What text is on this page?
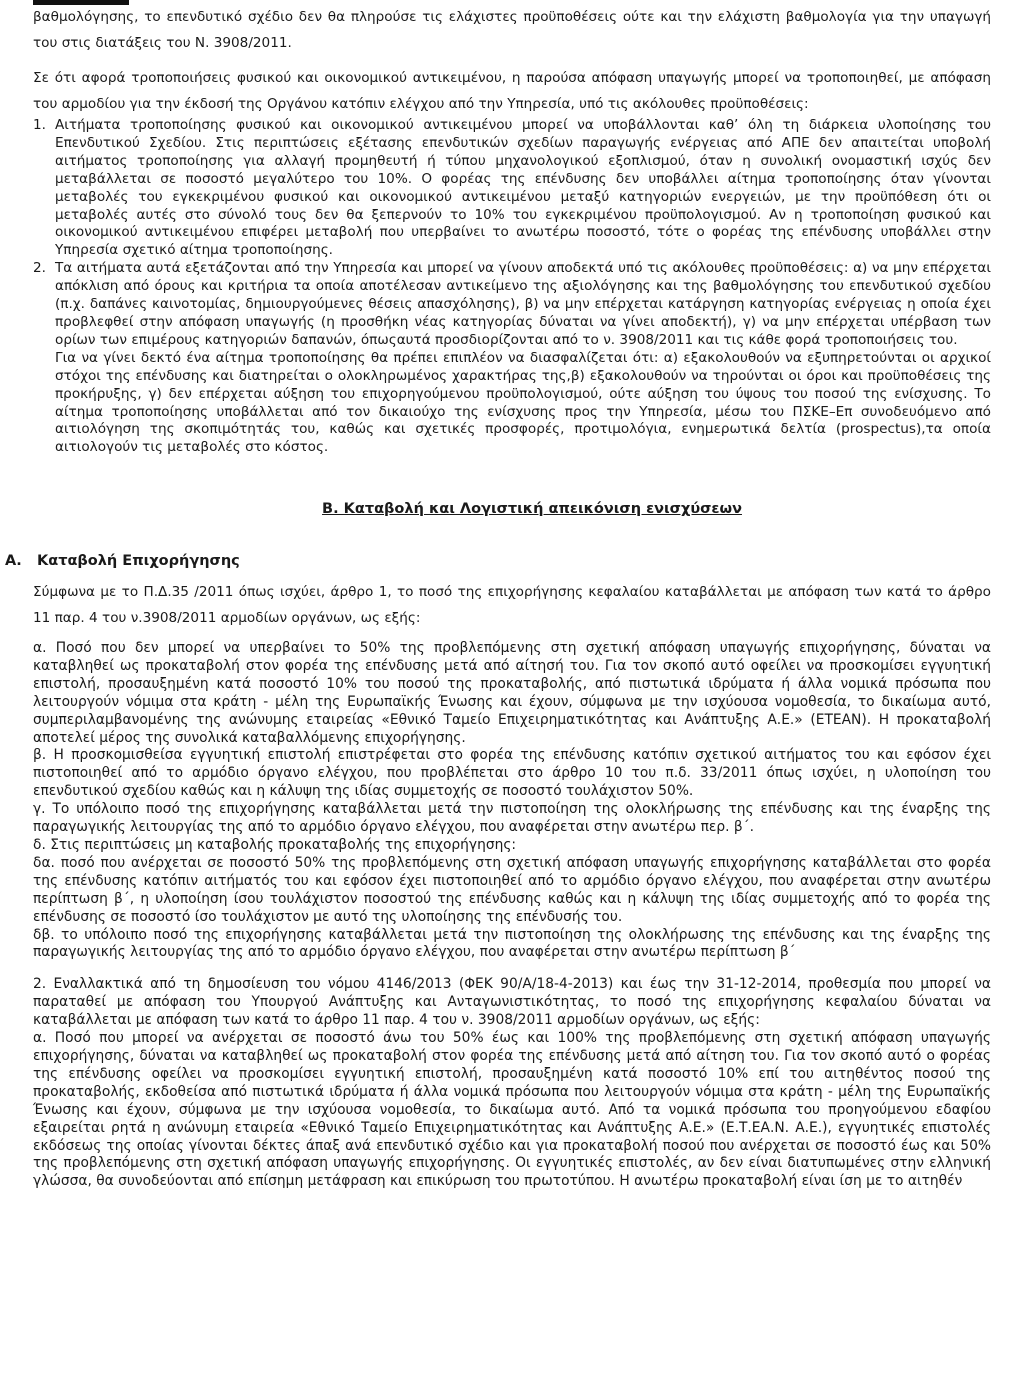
βαθμολόγησης, το επενδυτικό σχέδιο δεν θα πληρούσε τις ελάχιστες προϋποθέσεις ούτε και την ελάχιστη βαθμολογία για την υπαγωγή του στις διατάξεις του Ν. 3908/2011.

Σε ότι αφορά τροποποιήσεις φυσικού και οικονομικού αντικειμένου, η παρούσα απόφαση υπαγωγής μπορεί να τροποποιηθεί, με απόφαση του αρμοδίου για την έκδοσή της Οργάνου κατόπιν ελέγχου από την Υπηρεσία, υπό τις ακόλουθες προϋποθέσεις:

1. Αιτήματα τροποποίησης φυσικού και οικονομικού αντικειμένου μπορεί να υποβάλλονται καθ’ όλη τη διάρκεια υλοποίησης του Επενδυτικού Σχεδίου. Στις περιπτώσεις εξέτασης επενδυτικών σχεδίων παραγωγής ενέργειας από ΑΠΕ δεν απαιτείται υποβολή αιτήματος τροποποίησης για αλλαγή προμηθευτή ή τύπου μηχανολογικού εξοπλισμού, όταν η συνολική ονομαστική ισχύς δεν μεταβάλλεται σε ποσοστό μεγαλύτερο του 10%. Ο φορέας της επένδυσης δεν υποβάλλει αίτημα τροποποίησης όταν γίνονται μεταβολές του εγκεκριμένου φυσικού και οικονομικού αντικειμένου μεταξύ κατηγοριών ενεργειών, με την προϋπόθεση ότι οι μεταβολές αυτές στο σύνολό τους δεν θα ξεπερνούν το 10% του εγκεκριμένου προϋπολογισμού. Αν η τροποποίηση φυσικού και οικονομικού αντικειμένου επιφέρει μεταβολή που υπερβαίνει το ανωτέρω ποσοστό, τότε ο φορέας της επένδυσης υποβάλλει στην Υπηρεσία σχετικό αίτημα τροποποίησης.
2. Τα αιτήματα αυτά εξετάζονται από την Υπηρεσία και μπορεί να γίνουν αποδεκτά υπό τις ακόλουθες προϋποθέσεις: α) να μην επέρχεται απόκλιση από όρους και κριτήρια τα οποία αποτέλεσαν αντικείμενο της αξιολόγησης και της βαθμολόγησης του επενδυτικού σχεδίου (π.χ. δαπάνες καινοτομίας, δημιουργούμενες θέσεις απασχόλησης), β) να μην επέρχεται κατάργηση κατηγορίας ενέργειας η οποία έχει προβλεφθεί στην απόφαση υπαγωγής (η προσθήκη νέας κατηγορίας δύναται να γίνει αποδεκτή), γ) να μην επέρχεται υπέρβαση των ορίων των επιμέρους κατηγοριών δαπανών, όπωςαυτά προσδιορίζονται από το ν. 3908/2011 και τις κάθε φορά τροποποιήσεις του.

Για να γίνει δεκτό ένα αίτημα τροποποίησης θα πρέπει επιπλέον να διασφαλίζεται ότι: α) εξακολουθούν να εξυπηρετούνται οι αρχικοί στόχοι της επένδυσης και διατηρείται ο ολοκληρωμένος χαρακτήρας της,β) εξακολουθούν να τηρούνται οι όροι και προϋποθέσεις της προκήρυξης, γ) δεν επέρχεται αύξηση του επιχορηγούμενου προϋπολογισμού, ούτε αύξηση του ύψους του ποσού της ενίσχυσης. Το αίτημα τροποποίησης υποβάλλεται από τον δικαιούχο της ενίσχυσης προς την Υπηρεσία, μέσω του ΠΣΚΕ–Επ συνοδευόμενο από αιτιολόγηση της σκοπιμότητάς του, καθώς και σχετικές προσφορές, προτιμολόγια, ενημερωτικά δελτία (prospectus),τα οποία αιτιολογούν τις μεταβολές στο κόστος.

Β. Καταβολή και Λογιστική απεικόνιση ενισχύσεων
Α. Καταβολή Επιχορήγησης

Σύμφωνα με το Π.Δ.35 /2011 όπως ισχύει, άρθρο 1, το ποσό της επιχορήγησης κεφαλαίου καταβάλλεται με απόφαση των κατά το άρθρο 11 παρ. 4 του ν.3908/2011 αρμοδίων οργάνων, ως εξής:

α. Ποσό που δεν μπορεί να υπερβαίνει το 50% της προβλεπόμενης στη σχετική απόφαση υπαγωγής επιχορήγησης, δύναται να καταβληθεί ως προκαταβολή στον φορέα της επένδυσης μετά από αίτησή του. Για τον σκοπό αυτό οφείλει να προσκομίσει εγγυητική επιστολή, προσαυξημένη κατά ποσοστό 10% του ποσού της προκαταβολής, από πιστωτικά ιδρύματα ή άλλα νομικά πρόσωπα που λειτουργούν νόμιμα στα κράτη - μέλη της Ευρωπαϊκής Ένωσης και έχουν, σύμφωνα με την ισχύουσα νομοθεσία, το δικαίωμα αυτό, συμπεριλαμβανομένης της ανώνυμης εταιρείας «Εθνικό Ταμείο Επιχειρηματικότητας και Ανάπτυξης Α.Ε.» (ΕΤΕΑΝ). Η προκαταβολή αποτελεί μέρος της συνολικά καταβαλλόμενης επιχορήγησης.

β. Η προσκομισθείσα εγγυητική επιστολή επιστρέφεται στο φορέα της επένδυσης κατόπιν σχετικού αιτήματος του και εφόσον έχει πιστοποιηθεί από το αρμόδιο όργανο ελέγχου, που προβλέπεται στο άρθρο 10 του π.δ. 33/2011 όπως ισχύει, η υλοποίηση του επενδυτικού σχεδίου καθώς και η κάλυψη της ιδίας συμμετοχής σε ποσοστό τουλάχιστον 50%.

γ. Το υπόλοιπο ποσό της επιχορήγησης καταβάλλεται μετά την πιστοποίηση της ολοκλήρωσης της επένδυσης και της έναρξης της παραγωγικής λειτουργίας της από το αρμόδιο όργανο ελέγχου, που αναφέρεται στην ανωτέρω περ. β΄.

δ. Στις περιπτώσεις μη καταβολής προκαταβολής της επιχορήγησης:

δα. ποσό που ανέρχεται σε ποσοστό 50% της προβλεπόμενης στη σχετική απόφαση υπαγωγής επιχορήγησης καταβάλλεται στο φορέα της επένδυσης κατόπιν αιτήματός του και εφόσον έχει πιστοποιηθεί από το αρμόδιο όργανο ελέγχου, που αναφέρεται στην ανωτέρω περίπτωση β΄, η υλοποίηση ίσου τουλάχιστον ποσοστού της επένδυσης καθώς και η κάλυψη της ιδίας συμμετοχής από το φορέα της επένδυσης σε ποσοστό ίσο τουλάχιστον με αυτό της υλοποίησης της επένδυσής του.

δβ. το υπόλοιπο ποσό της επιχορήγησης καταβάλλεται μετά την πιστοποίηση της ολοκλήρωσης της επένδυσης και της έναρξης της παραγωγικής λειτουργίας της από το αρμόδιο όργανο ελέγχου, που αναφέρεται στην ανωτέρω περίπτωση β΄

2. Εναλλακτικά από τη δημοσίευση του νόμου 4146/2013 (ΦΕΚ 90/Α/18-4-2013) και έως την 31-12-2014, προθεσμία που μπορεί να παραταθεί με απόφαση του Υπουργού Ανάπτυξης και Ανταγωνιστικότητας, το ποσό της επιχορήγησης κεφαλαίου δύναται να καταβάλλεται με απόφαση των κατά το άρθρο 11 παρ. 4 του ν. 3908/2011 αρμοδίων οργάνων, ως εξής:

α. Ποσό που μπορεί να ανέρχεται σε ποσοστό άνω του 50% έως και 100% της προβλεπόμενης στη σχετική απόφαση υπαγωγής επιχορήγησης, δύναται να καταβληθεί ως προκαταβολή στον φορέα της επένδυσης μετά από αίτηση του. Για τον σκοπό αυτό ο φορέας της επένδυσης οφείλει να προσκομίσει εγγυητική επιστολή, προσαυξημένη κατά ποσοστό 10% επί του αιτηθέντος ποσού της προκαταβολής, εκδοθείσα από πιστωτικά ιδρύματα ή άλλα νομικά πρόσωπα που λειτουργούν νόμιμα στα κράτη - μέλη της Ευρωπαϊκής Ένωσης και έχουν, σύμφωνα με την ισχύουσα νομοθεσία, το δικαίωμα αυτό. Από τα νομικά πρόσωπα του προηγούμενου εδαφίου εξαιρείται ρητά η ανώνυμη εταιρεία «Εθνικό Ταμείο Επιχειρηματικότητας και Ανάπτυξης Α.Ε.» (Ε.Τ.ΕΑ.Ν. Α.Ε.), εγγυητικές επιστολές εκδόσεως της οποίας γίνονται δέκτες άπαξ ανά επενδυτικό σχέδιο και για προκαταβολή ποσού που ανέρχεται σε ποσοστό έως και 50% της προβλεπόμενης στη σχετική απόφαση υπαγωγής επιχορήγησης. Οι εγγυητικές επιστολές, αν δεν είναι διατυπωμένες στην ελληνική γλώσσα, θα συνοδεύονται από επίσημη μετάφραση και επικύρωση του πρωτοτύπου. Η ανωτέρω προκαταβολή είναι ίση με το αιτηθέν
